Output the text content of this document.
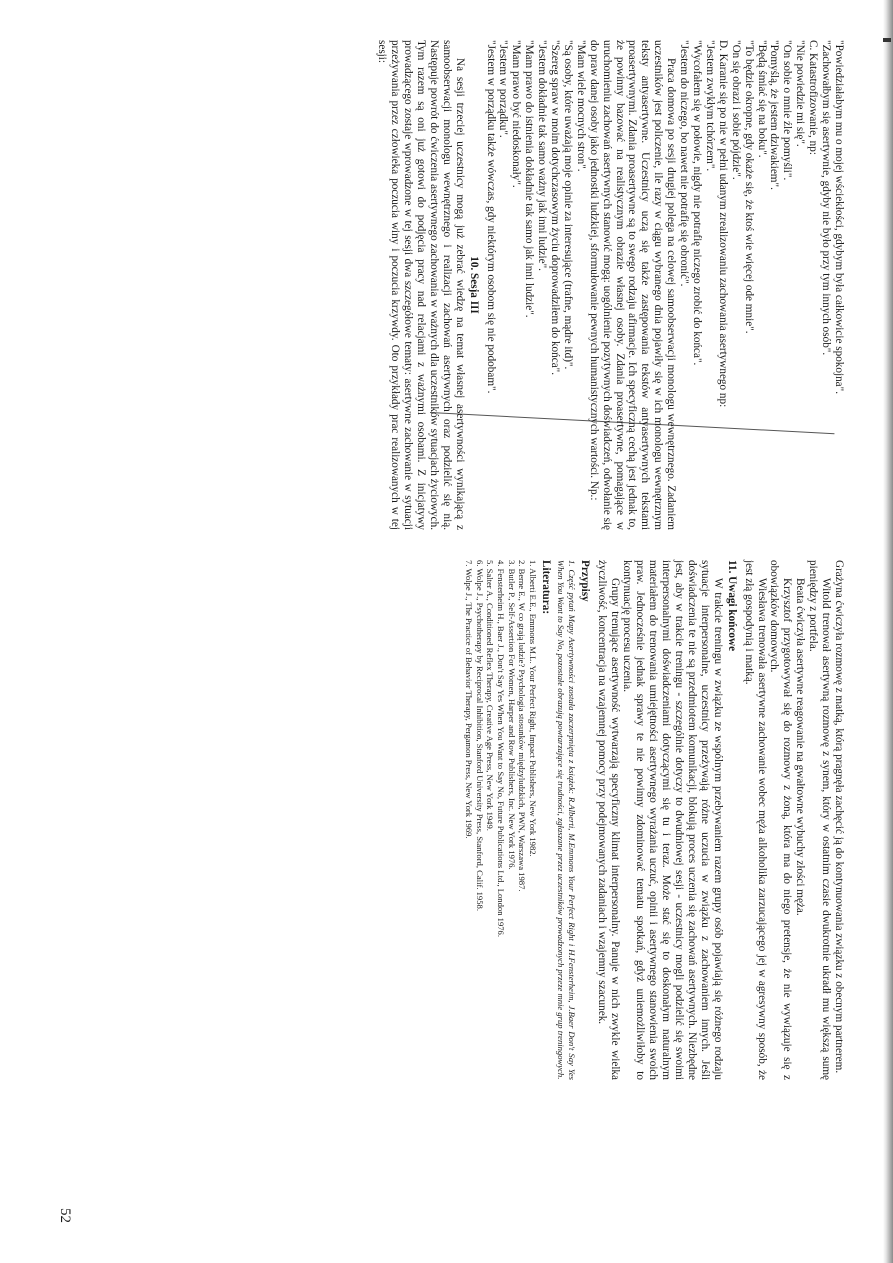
52

"Powiedziałabym mu o mojej wściekłości, gdybym była całkowicie spokojna".

"Zachowałbym się asertywnie, gdyby nie było przy tym innych osób".

C. Katastrofizowanie, np:

"Nie powiedzie mi się".

"On sobie o mnie źle pomyśli".

"Pomyślą, że jestem dziwakiem".

"Będą śmiać się na boku".

"To będzie okropne, gdy okaże się, że ktoś wie więcej ode mnie".

"On się obrazi i sobie pójdzie".

D. Karanie się po nie w pełni udanym zrealizowaniu zachowania asertywnego np:

"Jestem zwykłym tchórzem".

"Wycofałem się w połowie, nigdy nie potrafię niczego zrobić do końca".

"Jestem do niczego, bo nawet nie potrafię się obronić".

Praca domowa po sesji drugiej polega na celowej samoobserwacji monologu wewnętrznego. Zadaniem uczestników jest policzenie, ile razy w ciągu wybranego dnia pojawiły się w ich monologu wewnętrznym teksty antyasertywne. Uczestnicy uczą się także zastępowania tekstów antyasertywnych tekstami proasertywnymi. Zdania proasertywne są to swego rodzaju afirmacje. Ich specyficzną cechą jest jednak to, że powinny bazować na realistycznym obrazie własnej osoby. Zdania proasertywne, pomagające w uruchomieniu zachowań asertywnych stanowić mogą: uogólnienie pozytywnych doświadczeń, odwołanie się do praw danej osoby jako jednostki ludzkiej, sformułowanie pewnych humanistycznych wartości. Np.:

"Mam wiele mocnych stron".

"Są osoby, które uważają moje opinie za interesujące (trafne, mądre itd)".

"Szereg spraw w moim dotychczasowym życiu doprowadziłem do końca".

"Jestem dokładnie tak samo ważny jak inni ludzie".

"Mam prawo do istnienia dokładnie tak samo jak inni ludzie".

"Mam prawo być niedoskonały".

"Jestem w porządku".

"Jestem w porządku także wówczas, gdy niektórym osobom się nie podobam".

10. Sesja III

Na sesji trzeciej uczestnicy mogą już zebrać wiedzę na temat własnej asertywności wynikającą z samoobserwacji monologu wewnętrznego i realizacji zachowań asertywnych oraz podzielić się nią. Następuje powrót do ćwiczenia asertywnego zachowania w ważnych dla uczestników sytuacjach życiowych. Tym razem są oni już gotowi do podjęcia pracy nad relacjami z ważnymi osobami. Z inicjatywy prowadzącego zostaje wprowadzone w tej sesji dwa szczegółowe tematy: asertywne zachowanie w sytuacji przeżywania przez człowieka poczucia winy i poczucia krzywdy. Oto przykłady prac realizowanych w tej sesji:

Grażyna ćwiczyła rozmowę z matką, którą pragnęła zachęcić ją do kontynuowania związku z obecnym partnerem.

Witold trenował asertywną rozmowę z synem, który w ostatnim czasie dwukrotnie ukradł mu większą sumę pieniędzy z portfela.

Beata ćwiczyła asertywne reagowanie na gwałtowne wybuchy złości męża.

Krzysztof przygotowywał się do rozmowy z żoną, która ma do niego pretensje, że nie wywiązuje się z obowiązków domowych.

Wiesława trenowała asertywne zachowanie wobec męża alkoholika zarzucającego jej w agresywny sposób, że jest złą gospodynią i matką.

11. Uwagi końcowe

W trakcie treningu w związku ze wspólnym przebywaniem razem grupy osób pojawiają się różnego rodzaju sytuacje interpersonalne, uczestnicy przeżywają różne uczucia w związku z zachowaniem innych. Jeśli doświadczenia te nie są przedmiotem komunikacji, blokują proces uczenia się zachowań asertywnych. Niezbędne jest, aby w trakcie treningu - szczególnie dotyczy to dwudniowej sesji - uczestnicy mogli podzielić się swoimi interpersonalnymi doświadczeniami dotyczącymi się tu i teraz. Może stać się to doskonałym naturalnym materiałem do trenowania umiejętności asertywnego wyrażania uczuć, opinii i asertywnego stanowienia swoich praw. Jednocześnie jednak sprawy te nie powinny zdominować tematu spotkań, gdyż uniemożliwiłoby to kontynuację procesu uczenia.

Grupy trenujące asertywność wytwarzają specyficzny klimat interpersonalny. Panuje w nich zwykle wielka życzliwość, koncentracja na wzajemnej pomocy przy podejmowanych zadaniach i wzajemny szacunek.

Przypisy
1. Część pytań Mapy Asertywności została zaczerpnięta z książek: R.Alberti, M.Emmons Your Perfect Right i H.Fensterheim, J.Baer Don't Say Yes When You Want to Say No, pozostałe obrazują powtarzające się trudności, zgłaszane przez uczestników prowadzonych przeze mnie grup treningowych.
Literatura:
1. Alberti E.E., Emmons M.L. Your Perfect Right, Impact Publishers, New York 1982.
2. Berne E., W co grają ludzie? Psychologia stosunków międzyludzkich, PWN, Warszawa 1987.
3. Butler P., Self-Assertion For Women, Harper and Row Publishers, Inc. New York 1976.
4. Fensterheim H., Baer J., Don't Say Yes When You Want to Say No, Future Publications Ltd., London 1976.
5. Salter A., Conditioned Reflex Therapy, Creative Age Press, New York 1949.
6. Wolpe J., Psychotherapy by Reciprocal Inhibition, Stanford University Press, Stanford, Calif. 1958.
7. Wolpe J., The Practice of Behavior Therapy, Pergamon Press, New York 1969.
